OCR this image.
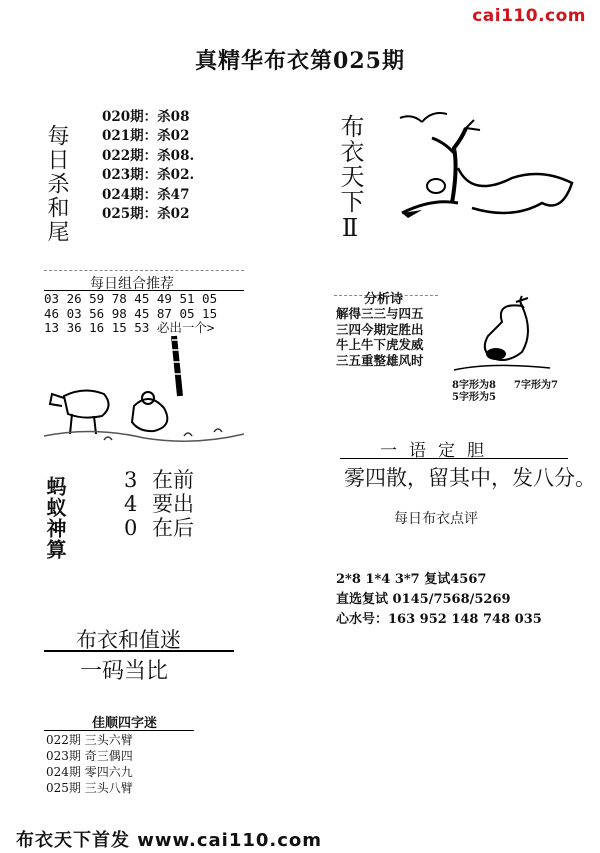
cai110.com
真精华布衣第025期
每日杀和尾
020期：杀08
021期：杀02
022期：杀08.
023期：杀02.
024期：杀47
025期：杀02	布衣天下Ⅱ
每日组合推荐
03 26 59 78 45 49 51 05
46 03 56 98 45 87 05 15
13 36 16 15 53 必出一个>
分析诗
解得三三与四五
三四今期定胜出
牛上牛下虎发威
三五重整雄风时
8字形为8 7字形为7
5字形为5
蚂蚁神算	3 在前
4 要出
0 在后
一语定胆
雾四散，留其中，发八分。
每日布衣点评
2*8 1*4 3*7 复试4567
直选复试 0145/7568/5269
心水号：163 952 148 748 035
布衣和值迷
一码当比
佳顺四字迷
022期 三头六臂
023期 奇三偶四
024期 零四六九
025期 三头八臂
布衣天下首发 www.cai110.com
